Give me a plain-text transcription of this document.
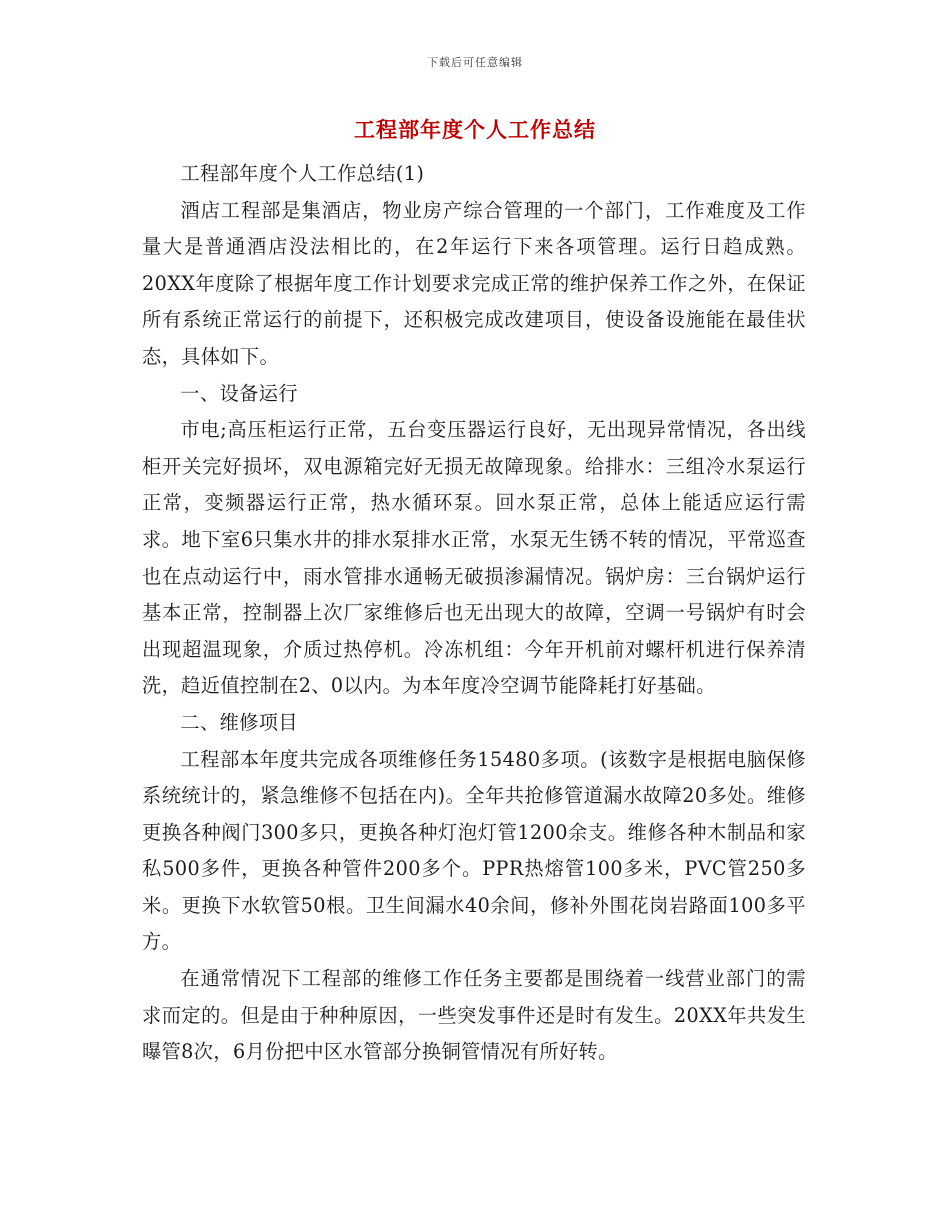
下载后可任意编辑
工程部年度个人工作总结

工程部年度个人工作总结(1)

酒店工程部是集酒店，物业房产综合管理的一个部门，工作难度及工作量大是普通酒店没法相比的，在2年运行下来各项管理。运行日趋成熟。20XX年度除了根据年度工作计划要求完成正常的维护保养工作之外，在保证所有系统正常运行的前提下，还积极完成改建项目，使设备设施能在最佳状态，具体如下。

一、设备运行

市电;高压柜运行正常，五台变压器运行良好，无出现异常情况，各出线柜开关完好损坏，双电源箱完好无损无故障现象。给排水：三组冷水泵运行正常，变频器运行正常，热水循环泵。回水泵正常，总体上能适应运行需求。地下室6只集水井的排水泵排水正常，水泵无生锈不转的情况，平常巡查也在点动运行中，雨水管排水通畅无破损渗漏情况。锅炉房：三台锅炉运行基本正常，控制器上次厂家维修后也无出现大的故障，空调一号锅炉有时会出现超温现象，介质过热停机。冷冻机组：今年开机前对螺杆机进行保养清洗，趋近值控制在2、0以内。为本年度冷空调节能降耗打好基础。

二、维修项目

工程部本年度共完成各项维修任务15480多项。(该数字是根据电脑保修系统统计的，紧急维修不包括在内)。全年共抢修管道漏水故障20多处。维修更换各种阀门300多只，更换各种灯泡灯管1200余支。维修各种木制品和家私500多件，更换各种管件200多个。PPR热熔管100多米，PVC管250多米。更换下水软管50根。卫生间漏水40余间，修补外围花岗岩路面100多平方。

在通常情况下工程部的维修工作任务主要都是围绕着一线营业部门的需求而定的。但是由于种种原因，一些突发事件还是时有发生。20XX年共发生曝管8次，6月份把中区水管部分换铜管情况有所好转。
